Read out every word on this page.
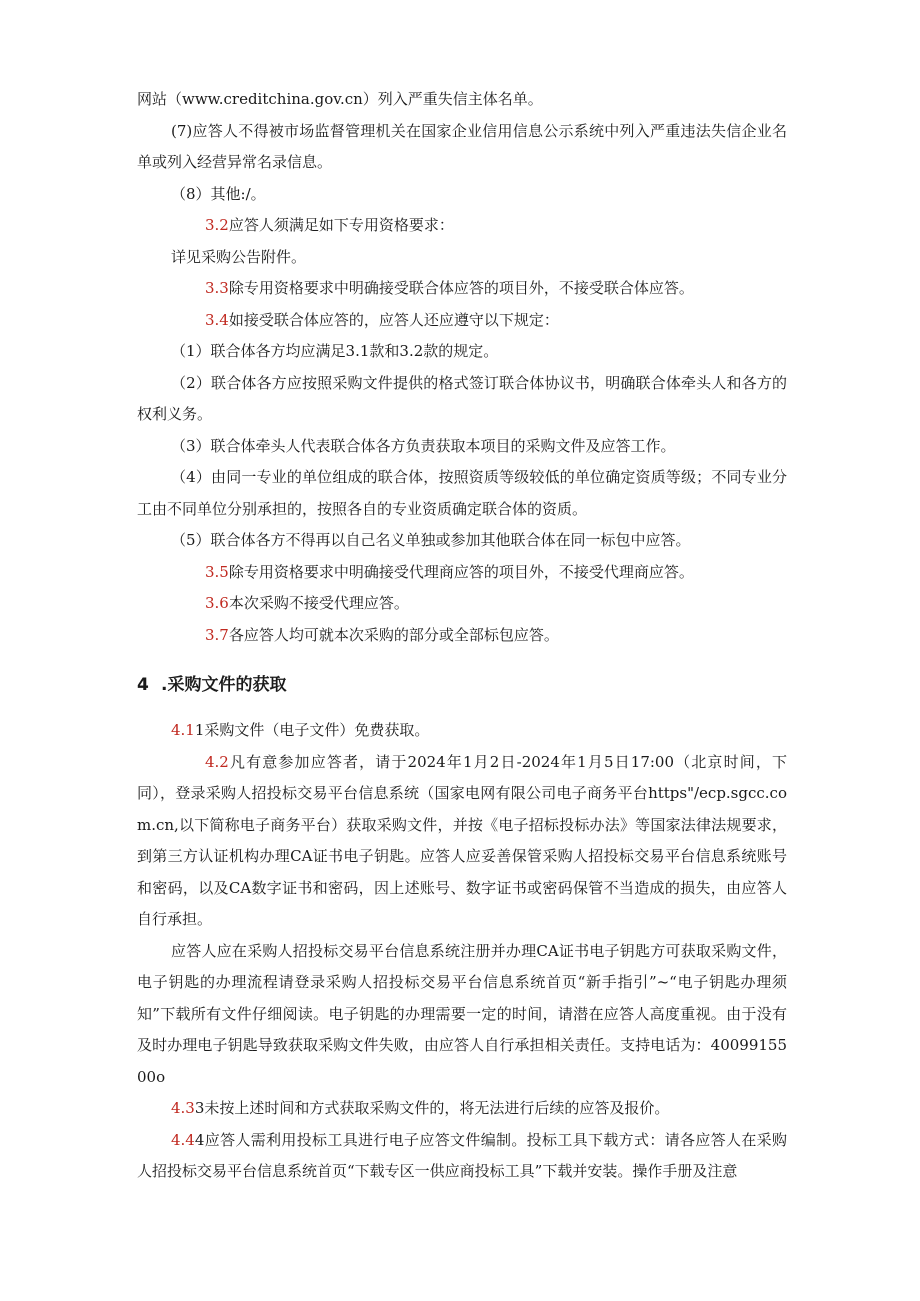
网站（www.creditchina.gov.cn）列入严重失信主体名单。

(7)应答人不得被市场监督管理机关在国家企业信用信息公示系统中列入严重违法失信企业名单或列入经营异常名录信息。

（8）其他:/。

3.2应答人须满足如下专用资格要求：

详见采购公告附件。

3.3除专用资格要求中明确接受联合体应答的项目外，不接受联合体应答。

3.4如接受联合体应答的，应答人还应遵守以下规定：

（1）联合体各方均应满足3.1款和3.2款的规定。

（2）联合体各方应按照采购文件提供的格式签订联合体协议书，明确联合体牵头人和各方的权利义务。

（3）联合体牵头人代表联合体各方负责获取本项目的采购文件及应答工作。

（4）由同一专业的单位组成的联合体，按照资质等级较低的单位确定资质等级；不同专业分工由不同单位分别承担的，按照各自的专业资质确定联合体的资质。

（5）联合体各方不得再以自己名义单独或参加其他联合体在同一标包中应答。

3.5除专用资格要求中明确接受代理商应答的项目外，不接受代理商应答。

3.6本次采购不接受代理应答。

3.7各应答人均可就本次采购的部分或全部标包应答。

4 .采购文件的获取

4.11采购文件（电子文件）免费获取。

4.2凡有意参加应答者，请于2024年1月2日-2024年1月5日17:00（北京时间，下同），登录采购人招投标交易平台信息系统（国家电网有限公司电子商务平台https"/ecp.sgcc.com.cn,以下简称电子商务平台）获取采购文件，并按《电子招标投标办法》等国家法律法规要求，到第三方认证机构办理CA证书电子钥匙。应答人应妥善保管采购人招投标交易平台信息系统账号和密码，以及CA数字证书和密码，因上述账号、数字证书或密码保管不当造成的损失，由应答人自行承担。

应答人应在采购人招投标交易平台信息系统注册并办理CA证书电子钥匙方可获取采购文件，电子钥匙的办理流程请登录采购人招投标交易平台信息系统首页“新手指引”~“电子钥匙办理须知”下载所有文件仔细阅读。电子钥匙的办理需要一定的时间，请潜在应答人高度重视。由于没有及时办理电子钥匙导致获取采购文件失败，由应答人自行承担相关责任。支持电话为：4009915500o

4.33未按上述时间和方式获取采购文件的，将无法进行后续的应答及报价。

4.44应答人需利用投标工具进行电子应答文件编制。投标工具下载方式：请各应答人在采购人招投标交易平台信息系统首页“下载专区一供应商投标工具”下载并安装。操作手册及注意
